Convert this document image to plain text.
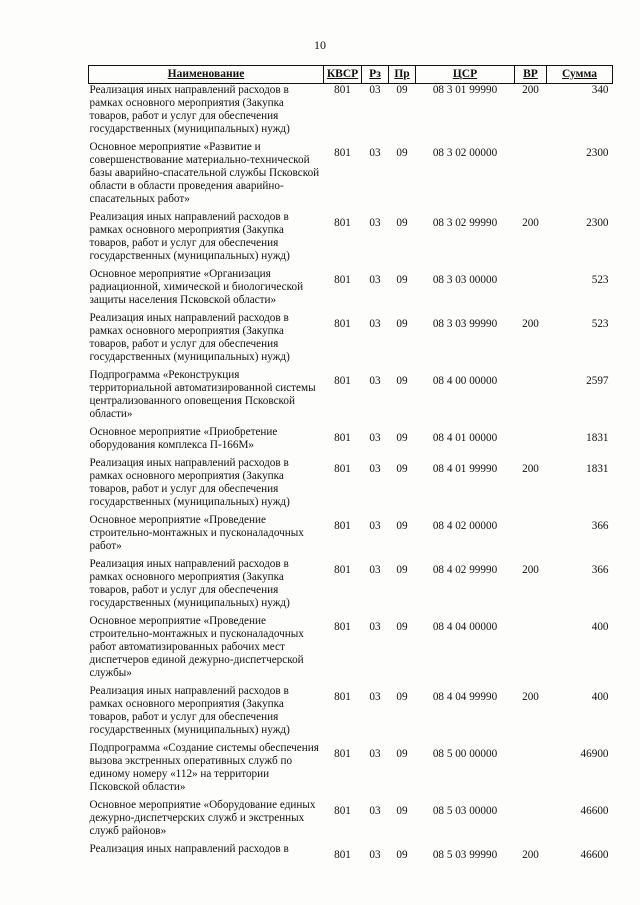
10
Наименование	КВСР	Рз	Пр	ЦСР	ВР	Сумма
Реализация иных направлений расходов в рамках основного мероприятия (Закупка товаров, работ и услуг для обеспечения государственных (муниципальных) нужд)	801	03	09	08 3 01 99990	200	340
Основное мероприятие «Развитие и совершенствование материально-технической базы аварийно-спасательной службы Псковской области в области проведения аварийно-спасательных работ»	801	03	09	08 3 02 00000		2300
Реализация иных направлений расходов в рамках основного мероприятия (Закупка товаров, работ и услуг для обеспечения государственных (муниципальных) нужд)	801	03	09	08 3 02 99990	200	2300
Основное мероприятие «Организация радиационной, химической и биологической защиты населения Псковской области»	801	03	09	08 3 03 00000		523
Реализация иных направлений расходов в рамках основного мероприятия (Закупка товаров, работ и услуг для обеспечения государственных (муниципальных) нужд)	801	03	09	08 3 03 99990	200	523
Подпрограмма «Реконструкция территориальной автоматизированной системы централизованного оповещения Псковской области»	801	03	09	08 4 00 00000		2597
Основное мероприятие «Приобретение оборудования комплекса П-166М»	801	03	09	08 4 01 00000		1831
Реализация иных направлений расходов в рамках основного мероприятия (Закупка товаров, работ и услуг для обеспечения государственных (муниципальных) нужд)	801	03	09	08 4 01 99990	200	1831
Основное мероприятие «Проведение строительно-монтажных и пусконаладочных работ»	801	03	09	08 4 02 00000		366
Реализация иных направлений расходов в рамках основного мероприятия (Закупка товаров, работ и услуг для обеспечения государственных (муниципальных) нужд)	801	03	09	08 4 02 99990	200	366
Основное мероприятие «Проведение строительно-монтажных и пусконаладочных работ автоматизированных рабочих мест диспетчеров единой дежурно-диспетчерской службы»	801	03	09	08 4 04 00000		400
Реализация иных направлений расходов в рамках основного мероприятия (Закупка товаров, работ и услуг для обеспечения государственных (муниципальных) нужд)	801	03	09	08 4 04 99990	200	400
Подпрограмма «Создание системы обеспечения вызова экстренных оперативных служб по единому номеру «112» на территории Псковской области»	801	03	09	08 5 00 00000		46900
Основное мероприятие «Оборудование единых дежурно-диспетчерских служб и экстренных служб районов»	801	03	09	08 5 03 00000		46600
Реализация иных направлений расходов в	801	03	09	08 5 03 99990	200	46600
